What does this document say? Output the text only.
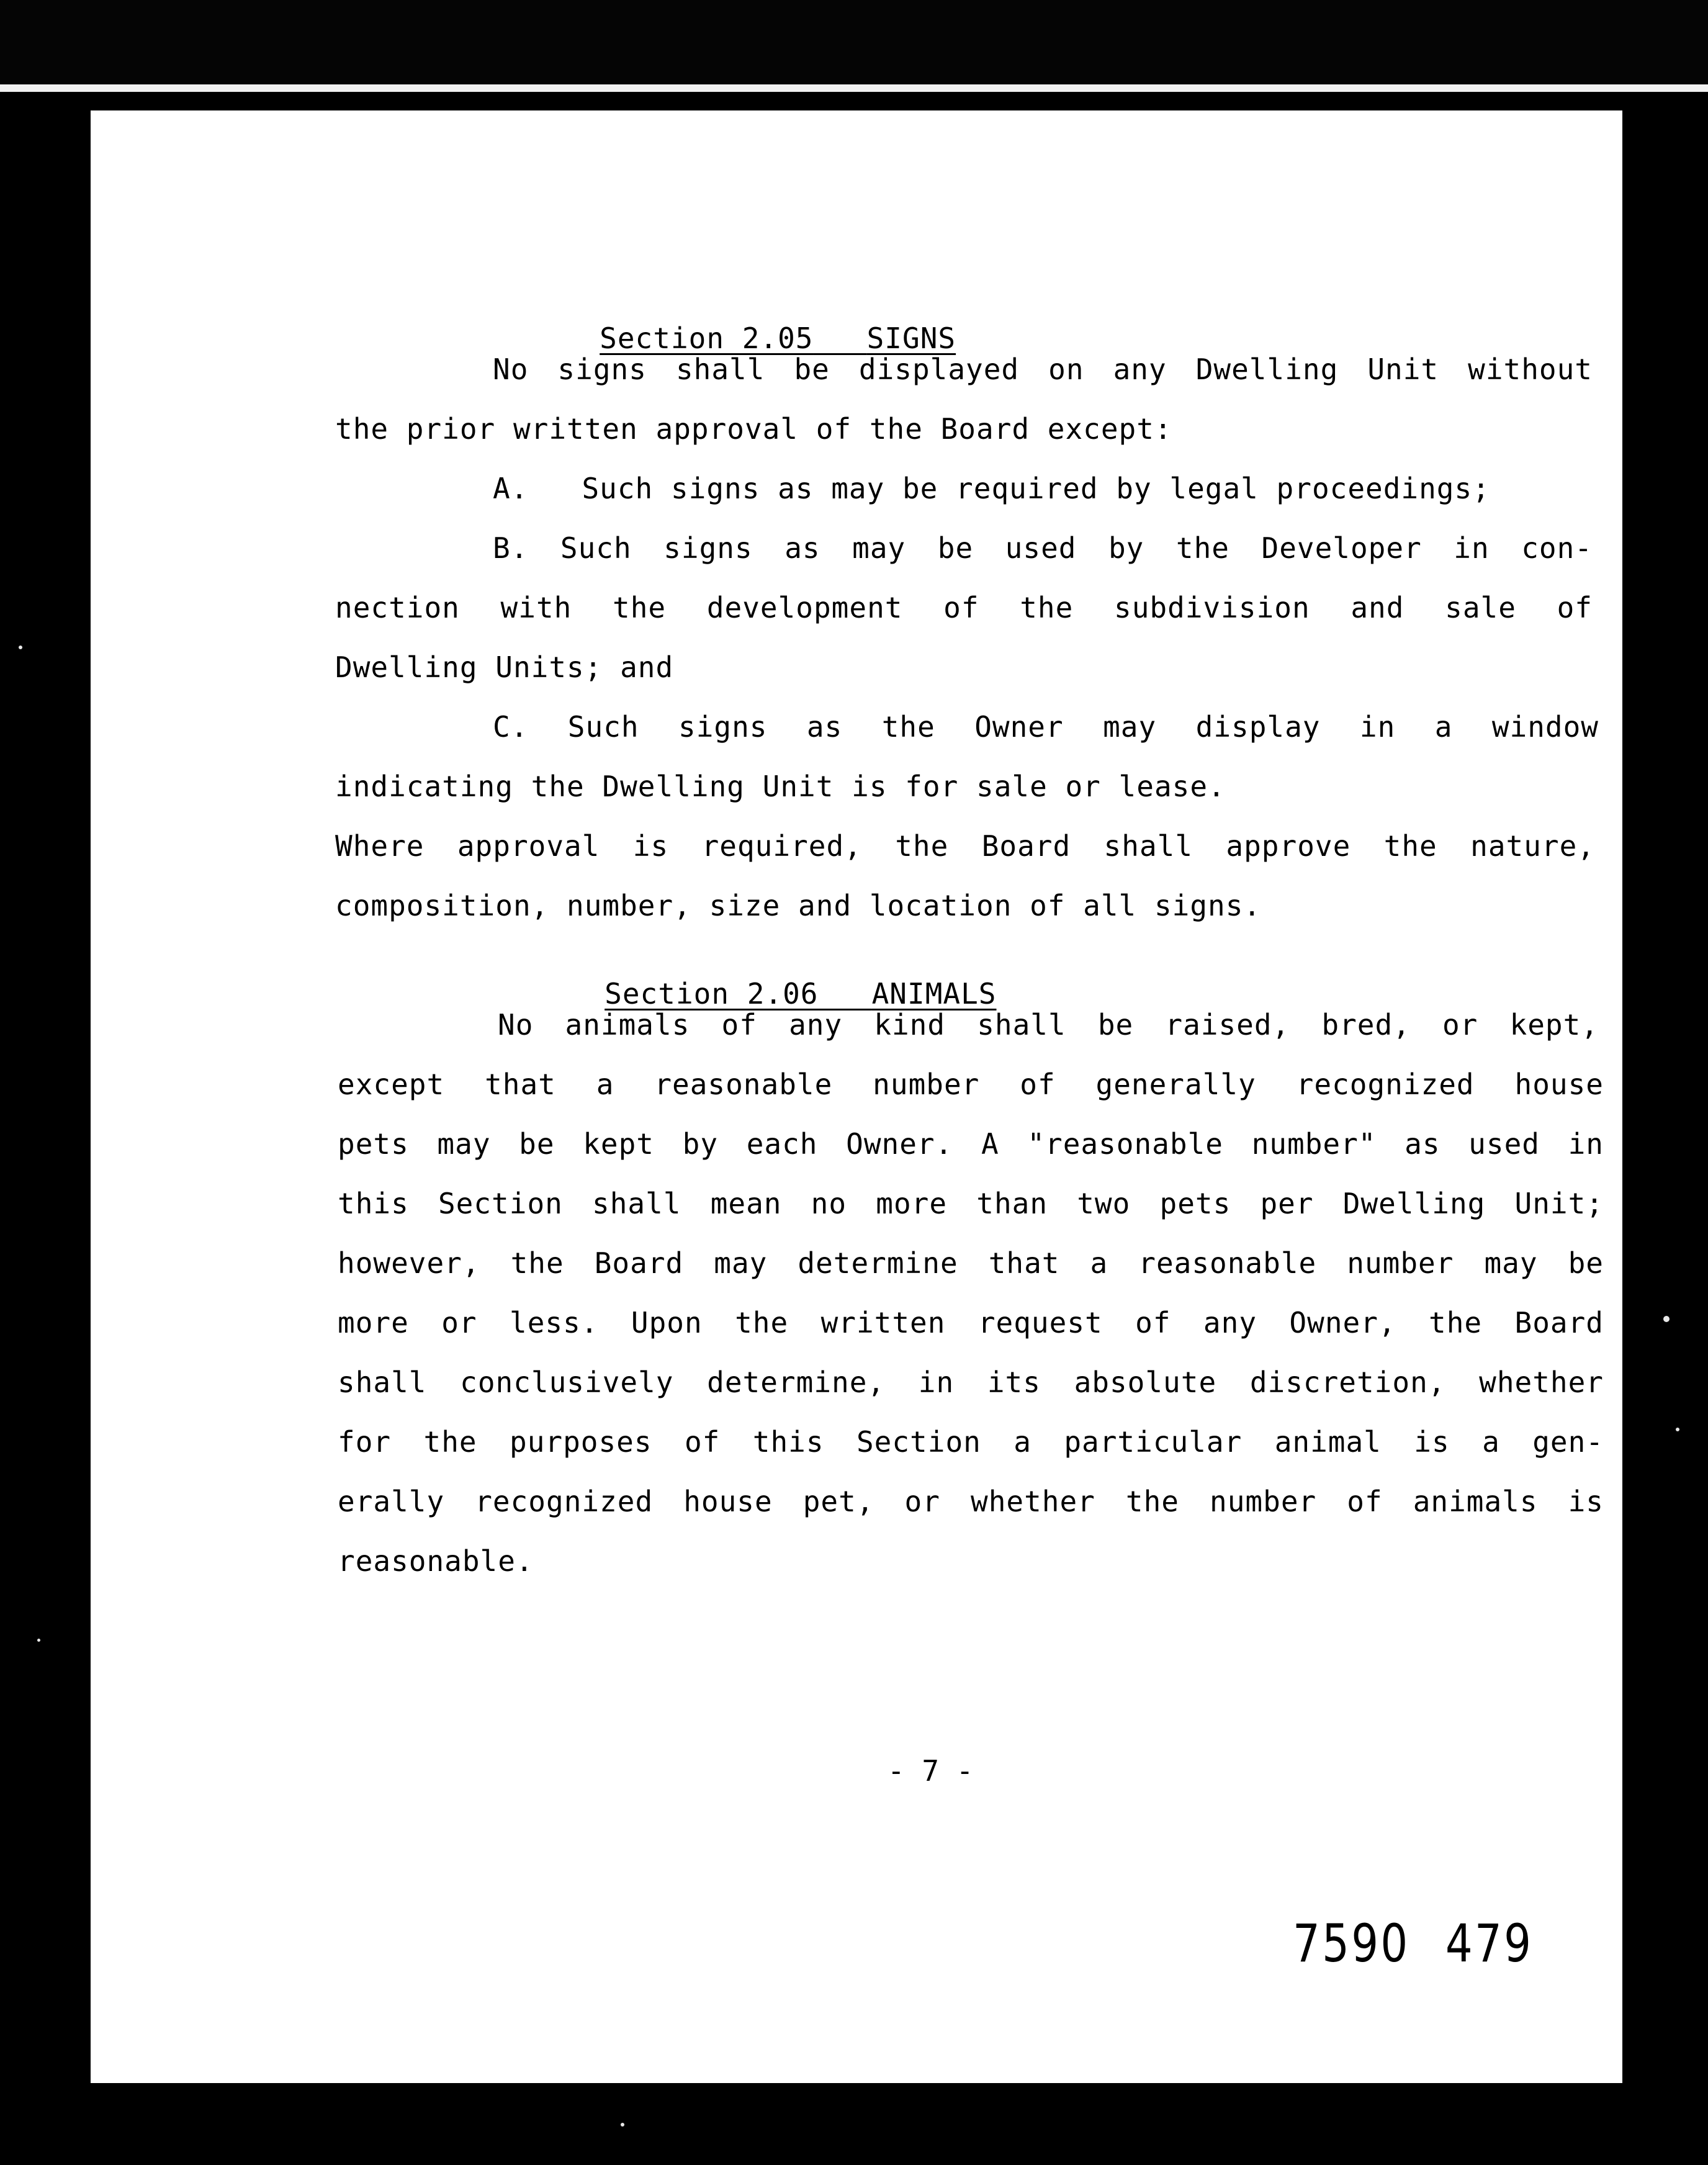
Section 2.05 SIGNS

No signs shall be displayed on any Dwelling Unit without
the prior written approval of the Board except:
A.   Such signs as may be required by legal proceedings;
B. Such signs as may be used by the Developer in con-
nection with the development of the subdivision and sale of
Dwelling Units; and
C. Such signs as the Owner may display in a window
indicating the Dwelling Unit is for sale or lease.
Where approval is required, the Board shall approve the nature,
composition, number, size and location of all signs.

Section 2.06 ANIMALS

No animals of any kind shall be raised, bred, or kept,
except that a reasonable number of generally recognized house
pets may be kept by each Owner. A "reasonable number" as used in
this Section shall mean no more than two pets per Dwelling Unit;
however, the Board may determine that a reasonable number may be
more or less. Upon the written request of any Owner, the Board
shall conclusively determine, in its absolute discretion, whether
for the purposes of this Section a particular animal is a gen-
erally recognized house pet, or whether the number of animals is
reasonable.
- 7 -

7590 479
